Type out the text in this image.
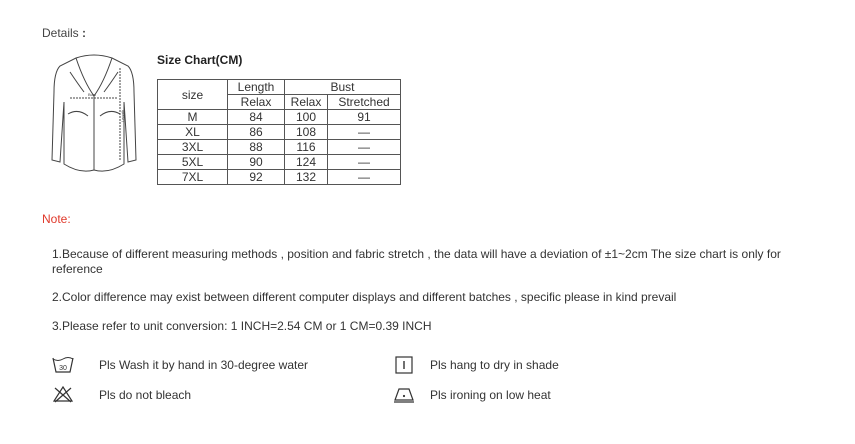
Details :
Bust
Length
Size Chart(CM)
size	Length	Bust	
	Relax	Relax	Stretched
M	84	100	91
XL	86	108	—
3XL	88	116	—
5XL	90	124	—
7XL	92	132	—
Note:
1.Because of different measuring methods , position and fabric stretch , the data will have a deviation of ±1~2cm The size chart is only for reference
2.Color difference may exist between different computer displays and different batches , specific please in kind prevail
3.Please refer to unit conversion: 1 INCH=2.54 CM or 1 CM=0.39 INCH
30	Pls Wash it by hand in 30-degree water
Pls do not bleach
Pls hang to dry in shade
Pls ironing on low heat
